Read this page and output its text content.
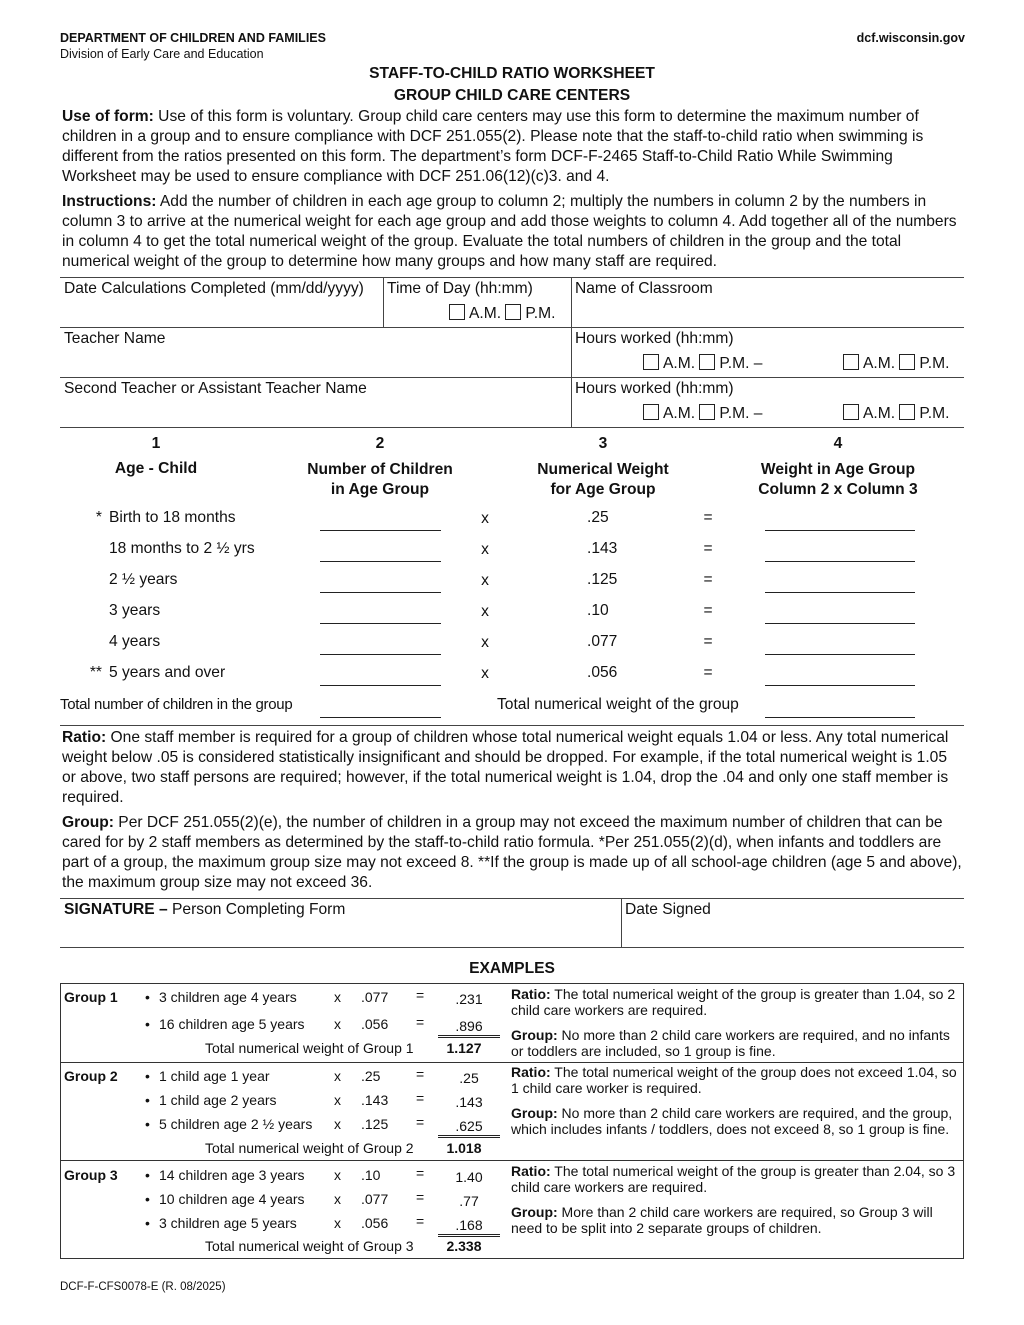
DEPARTMENT OF CHILDREN AND FAMILIES
Division of Early Care and Education
dcf.wisconsin.gov
STAFF-TO-CHILD RATIO WORKSHEET
GROUP CHILD CARE CENTERS

Use of form: Use of this form is voluntary. Group child care centers may use this form to determine the maximum number of children in a group and to ensure compliance with DCF 251.055(2). Please note that the staff-to-child ratio when swimming is different from the ratios presented on this form. The department’s form DCF-F-2465 Staff-to-Child Ratio While Swimming Worksheet may be used to ensure compliance with DCF 251.06(12)(c)3. and 4.

Instructions: Add the number of children in each age group to column 2; multiply the numbers in column 2 by the numbers in column 3 to arrive at the numerical weight for each age group and add those weights to column 4. Add together all of the numbers in column 4 to get the total numerical weight of the group. Evaluate the total numbers of children in the group and the total numerical weight of the group to determine how many groups and how many staff are required.

Date Calculations Completed (mm/dd/yyyy) Time of Day (hh:mm)
A.M. P.M.
Name of Classroom
Teacher Name	Hours worked (hh:mm)
A.M. P.M. –	A.M. P.M.
Second Teacher or Assistant Teacher Name	Hours worked (hh:mm)
A.M. P.M. –	A.M. P.M.
1	2	3	4
Age - Child	Number of Children
in Age Group
Numerical Weight
for Age Group
Weight in Age Group
Column 2 x Column 3
* Birth to 18 months	x	.25	=
18 months to 2 ½ yrs	x	.143	=
2 ½ years	x	.125	=
3 years	x	.10	=
4 years	x	.077	=
** 5 years and over	x	.056	=
Total number of children in the group	Total numerical weight of the group

Ratio: One staff member is required for a group of children whose total numerical weight equals 1.04 or less. Any total numerical weight below .05 is considered statistically insignificant and should be dropped. For example, if the total numerical weight is 1.05 or above, two staff persons are required; however, if the total numerical weight is 1.04, drop the .04 and only one staff member is required.

Group: Per DCF 251.055(2)(e), the number of children in a group may not exceed the maximum number of children that can be cared for by 2 staff members as determined by the staff-to-child ratio formula. *Per 251.055(2)(d), when infants and toddlers are part of a group, the maximum group size may not exceed 8. **If the group is made up of all school-age children (age 5 and above), the maximum group size may not exceed 36.

SIGNATURE – Person Completing Form	Date Signed
EXAMPLES
Group 1 • 3 children age 4 years	x .077 =	.231
• 16 children age 5 years x .056 =	.896
Total numerical weight of Group 1	1.127
Ratio: The total numerical weight of the group is greater than 1.04, so 2 child care workers are required.
Group: No more than 2 child care workers are required, and no infants or toddlers are included, so 1 group is fine.
Group 2 • 1 child age 1 year	x .25	=	.25
• 1 child age 2 years	x .143 =	.143
• 5 children age 2 ½ years x .125 =	.625
Total numerical weight of Group 2	1.018
Ratio: The total numerical weight of the group does not exceed 1.04, so 1 child care worker is required.
Group: No more than 2 child care workers are required, and the group, which includes infants / toddlers, does not exceed 8, so 1 group is fine.
Group 3 • 14 children age 3 years x .10	=	1.40
• 10 children age 4 years x .077 =	.77
• 3 children age 5 years	x .056 =	.168
Total numerical weight of Group 3	2.338
Ratio: The total numerical weight of the group is greater than 2.04, so 3 child care workers are required.
Group: More than 2 child care workers are required, so Group 3 will need to be split into 2 separate groups of children.
DCF-F-CFS0078-E (R. 08/2025)
